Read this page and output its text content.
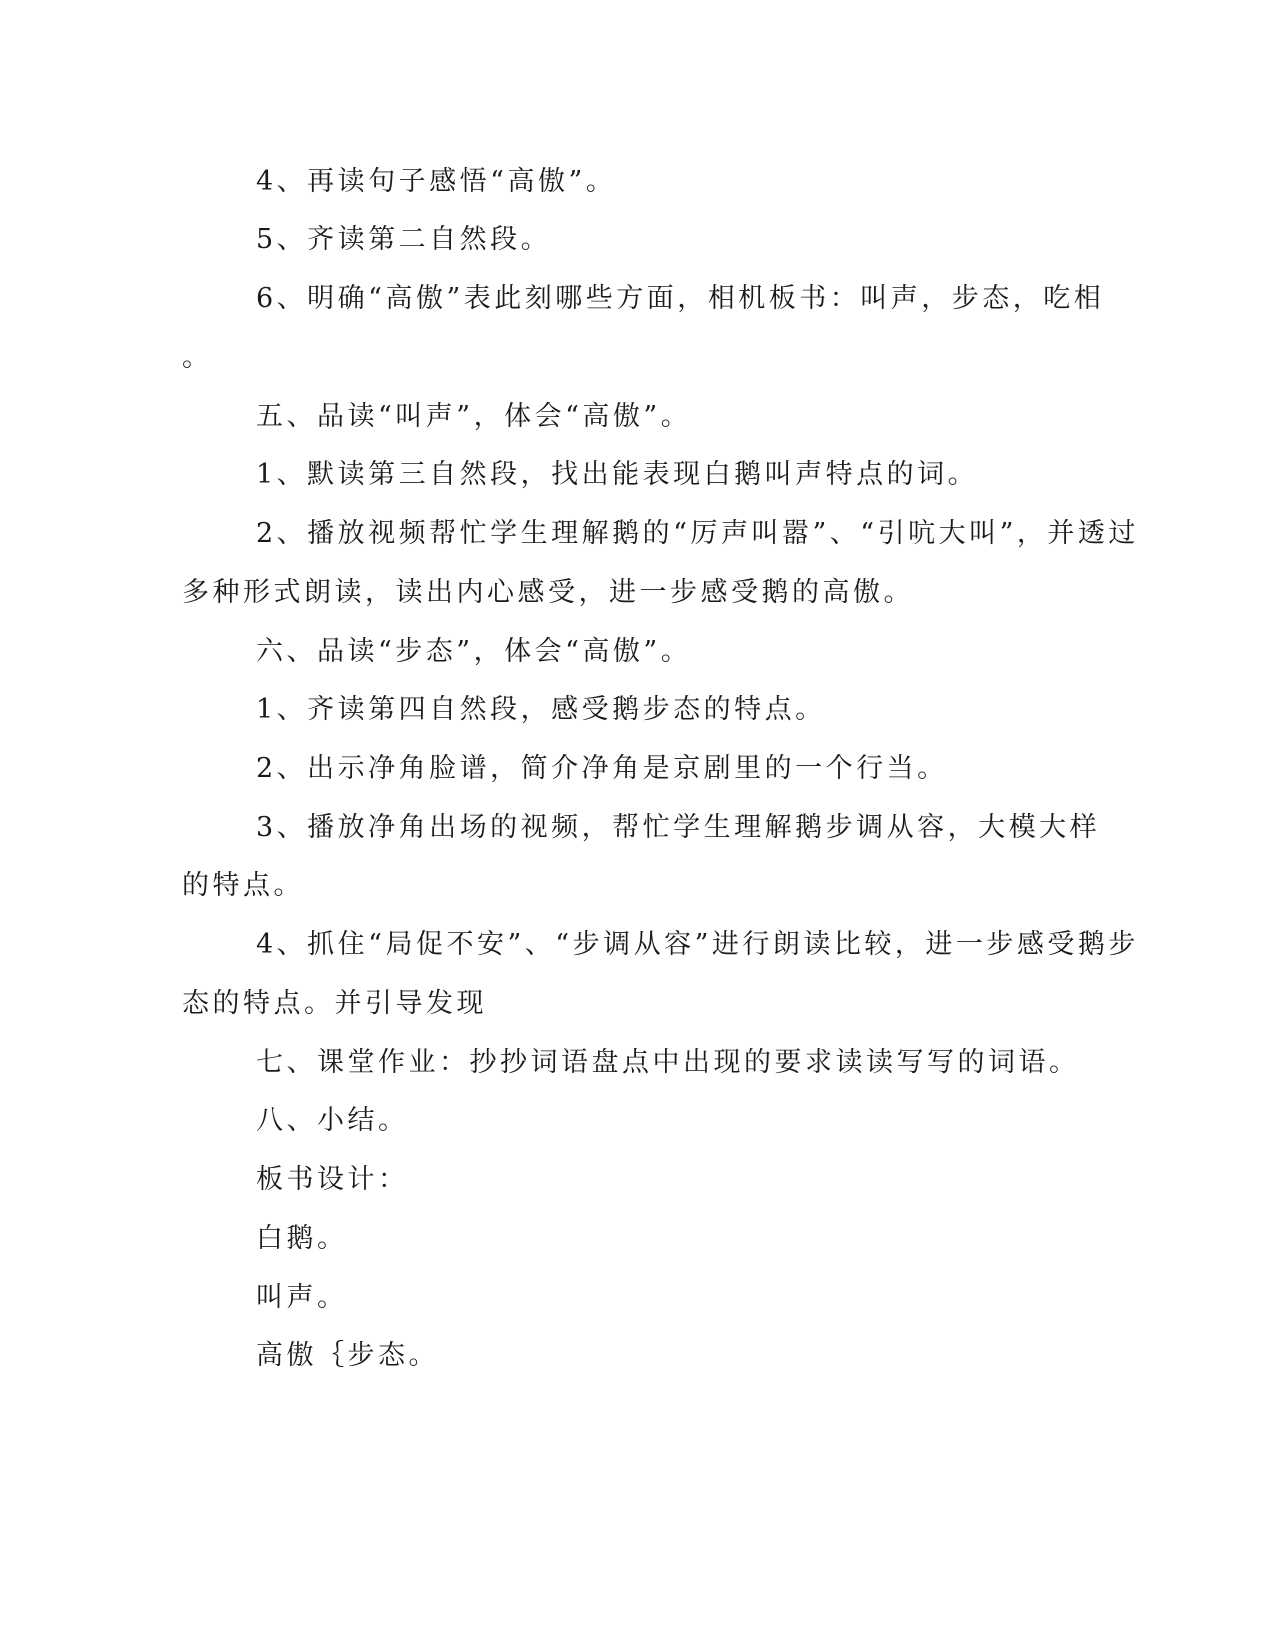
4、再读句子感悟“高傲”。

5、齐读第二自然段。

6、明确“高傲”表此刻哪些方面，相机板书：叫声，步态，吃相

。

五、品读“叫声”，体会“高傲”。

1、默读第三自然段，找出能表现白鹅叫声特点的词。

2、播放视频帮忙学生理解鹅的“厉声叫嚣”、“引吭大叫”，并透过

多种形式朗读，读出内心感受，进一步感受鹅的高傲。

六、品读“步态”，体会“高傲”。

1、齐读第四自然段，感受鹅步态的特点。

2、出示净角脸谱，简介净角是京剧里的一个行当。

3、播放净角出场的视频，帮忙学生理解鹅步调从容，大模大样

的特点。

4、抓住“局促不安”、“步调从容”进行朗读比较，进一步感受鹅步

态的特点。并引导发现

七、课堂作业：抄抄词语盘点中出现的要求读读写写的词语。

八、小结。

板书设计：

白鹅。

叫声。

高傲｛步态。
